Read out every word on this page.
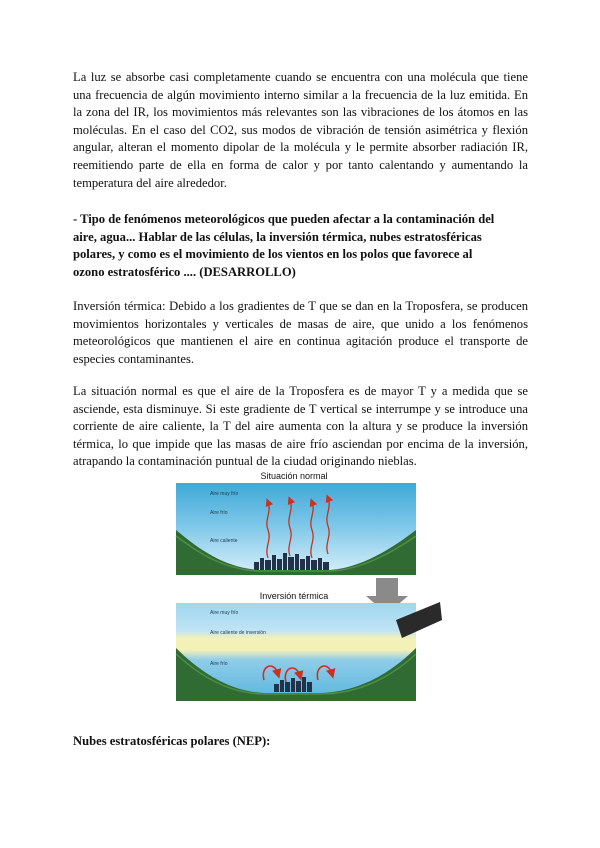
La luz se absorbe casi completamente cuando se encuentra con una molécula que tiene una frecuencia de algún movimiento interno similar a la frecuencia de la luz emitida. En la zona del IR, los movimientos más relevantes son las vibraciones de los átomos en las moléculas. En el caso del CO2, sus modos de vibración de tensión asimétrica y flexión angular, alteran el momento dipolar de la molécula y le permite absorber radiación IR, reemitiendo parte de ella en forma de calor y por tanto calentando y aumentando la temperatura del aire alrededor.

- Tipo de fenómenos meteorológicos que pueden afectar a la contaminación del aire, agua... Hablar de las células, la inversión térmica, nubes estratosféricas polares, y como es el movimiento de los vientos en los polos que favorece al ozono estratosférico .... (DESARROLLO)

Inversión térmica: Debido a los gradientes de T que se dan en la Troposfera, se producen movimientos horizontales y verticales de masas de aire, que unido a los fenómenos meteorológicos que mantienen el aire en continua agitación produce el transporte de especies contaminantes.

La situación normal es que el aire de la Troposfera es de mayor T y a medida que se asciende, esta disminuye. Si este gradiente de T vertical se interrumpe y se introduce una corriente de aire caliente, la T del aire aumenta con la altura y se produce la inversión térmica, lo que impide que las masas de aire frío asciendan por encima de la inversión, atrapando la contaminación puntual de la ciudad originando nieblas.

Situación normal
Aire muy frío
Aire frío
Aire caliente
Inversión térmica
Aire muy frío
Aire caliente de inversión
Aire frío

Nubes estratosféricas polares (NEP):
